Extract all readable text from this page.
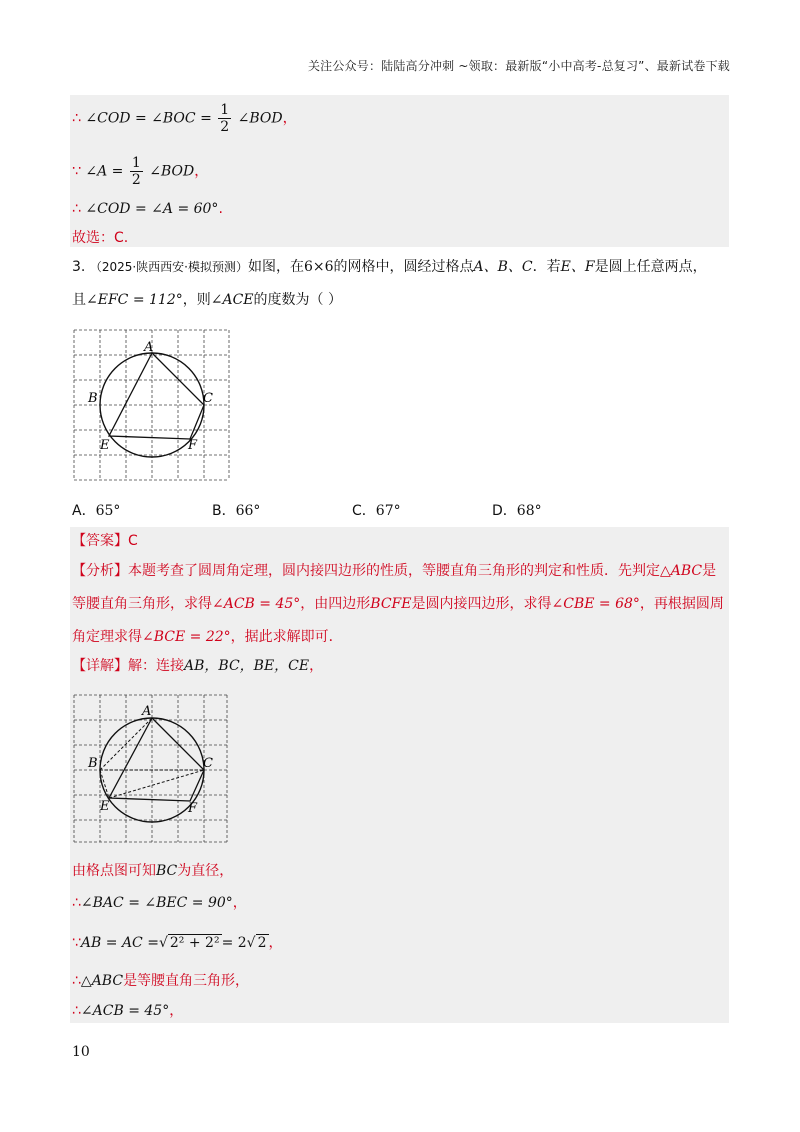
关注公众号：陆陆高分冲刺 ~领取：最新版“小中高考-总复习”、最新试卷下载
∴ ∠COD = ∠BOC = $\frac{1}{2}$ ∠BOD，
∵ ∠A = $\frac{1}{2}$ ∠BOD，
∴ ∠COD = ∠A = 60°.
故选：C.
3. （2025·陕西西安·模拟预测）如图，在6×6的网格中，圆经过格点A、B、C．若E、F是圆上任意两点，
且∠EFC = 112°，则∠ACE的度数为（ ）
A
B	C
E	F
A．65°	B．66°	C．67°	D．68°
【答案】C
【分析】本题考查了圆周角定理，圆内接四边形的性质，等腰直角三角形的判定和性质．先判定△ABC是
等腰直角三角形，求得∠ACB = 45°，由四边形BCFE是圆内接四边形，求得∠CBE = 68°，再根据圆周
角定理求得∠BCE = 22°，据此求解即可．
【详解】解：连接AB，BC，BE，CE，
A
B	C
E	F
由格点图可知BC为直径，
∴∠BAC = ∠BEC = 90°，
∵AB = AC =√ 2² + 2² = 2√ 2 ，
∴△ABC是等腰直角三角形，
∴∠ACB = 45°，
10
